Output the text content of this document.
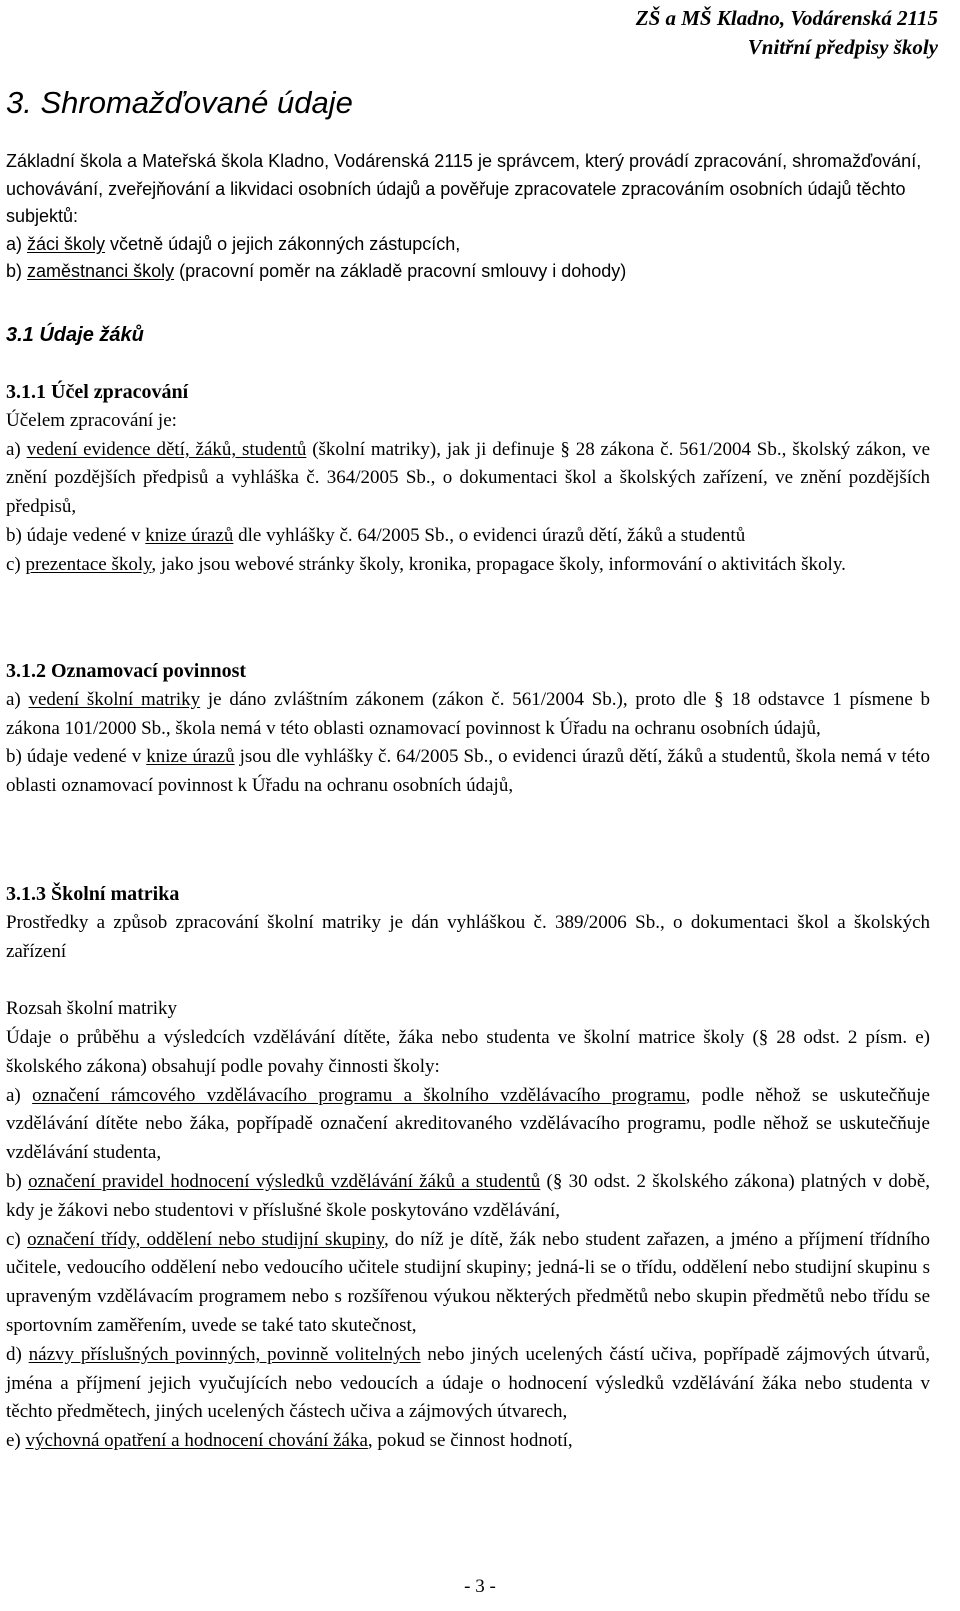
ZŠ a MŠ Kladno, Vodárenská 2115
Vnitřní předpisy školy
3. Shromažďované údaje

Základní škola a Mateřská škola Kladno, Vodárenská 2115 je správcem, který provádí zpracování, shromažďování, uchovávání, zveřejňování a likvidaci osobních údajů a pověřuje zpracovatele zpracováním osobních údajů těchto subjektů:

a) žáci školy včetně údajů o jejich zákonných zástupcích,

b) zaměstnanci školy (pracovní poměr na základě pracovní smlouvy i dohody)

3.1 Údaje žáků

3.1.1 Účel zpracování

Účelem zpracování je:

a) vedení evidence dětí, žáků, studentů (školní matriky), jak ji definuje § 28 zákona č. 561/2004 Sb., školský zákon, ve znění pozdějších předpisů a vyhláška č. 364/2005 Sb., o dokumentaci škol a školských zařízení, ve znění pozdějších předpisů,

b) údaje vedené v knize úrazů dle vyhlášky č. 64/2005 Sb., o evidenci úrazů dětí, žáků a studentů

c) prezentace školy, jako jsou webové stránky školy, kronika, propagace školy, informování o aktivitách školy.

3.1.2 Oznamovací povinnost

a) vedení školní matriky je dáno zvláštním zákonem (zákon č. 561/2004 Sb.), proto dle § 18 odstavce 1 písmene b zákona 101/2000 Sb., škola nemá v této oblasti oznamovací povinnost k Úřadu na ochranu osobních údajů,

b) údaje vedené v knize úrazů jsou dle vyhlášky č. 64/2005 Sb., o evidenci úrazů dětí, žáků a studentů, škola nemá v této oblasti oznamovací povinnost k Úřadu na ochranu osobních údajů,

3.1.3 Školní matrika

Prostředky a způsob zpracování školní matriky je dán vyhláškou č. 389/2006 Sb., o dokumentaci škol a školských zařízení

Rozsah školní matriky

Údaje o průběhu a výsledcích vzdělávání dítěte, žáka nebo studenta ve školní matrice školy (§ 28 odst. 2 písm. e) školského zákona) obsahují podle povahy činnosti školy:

a) označení rámcového vzdělávacího programu a školního vzdělávacího programu, podle něhož se uskutečňuje vzdělávání dítěte nebo žáka, popřípadě označení akreditovaného vzdělávacího programu, podle něhož se uskutečňuje vzdělávání studenta,

b) označení pravidel hodnocení výsledků vzdělávání žáků a studentů (§ 30 odst. 2 školského zákona) platných v době, kdy je žákovi nebo studentovi v příslušné škole poskytováno vzdělávání,

c) označení třídy, oddělení nebo studijní skupiny, do níž je dítě, žák nebo student zařazen, a jméno a příjmení třídního učitele, vedoucího oddělení nebo vedoucího učitele studijní skupiny; jedná-li se o třídu, oddělení nebo studijní skupinu s upraveným vzdělávacím programem nebo s rozšířenou výukou některých předmětů nebo skupin předmětů nebo třídu se sportovním zaměřením, uvede se také tato skutečnost,

d) názvy příslušných povinných, povinně volitelných nebo jiných ucelených částí učiva, popřípadě zájmových útvarů, jména a příjmení jejich vyučujících nebo vedoucích a údaje o hodnocení výsledků vzdělávání žáka nebo studenta v těchto předmětech, jiných ucelených částech učiva a zájmových útvarech,

e) výchovná opatření a hodnocení chování žáka, pokud se činnost hodnotí,

- 3 -
